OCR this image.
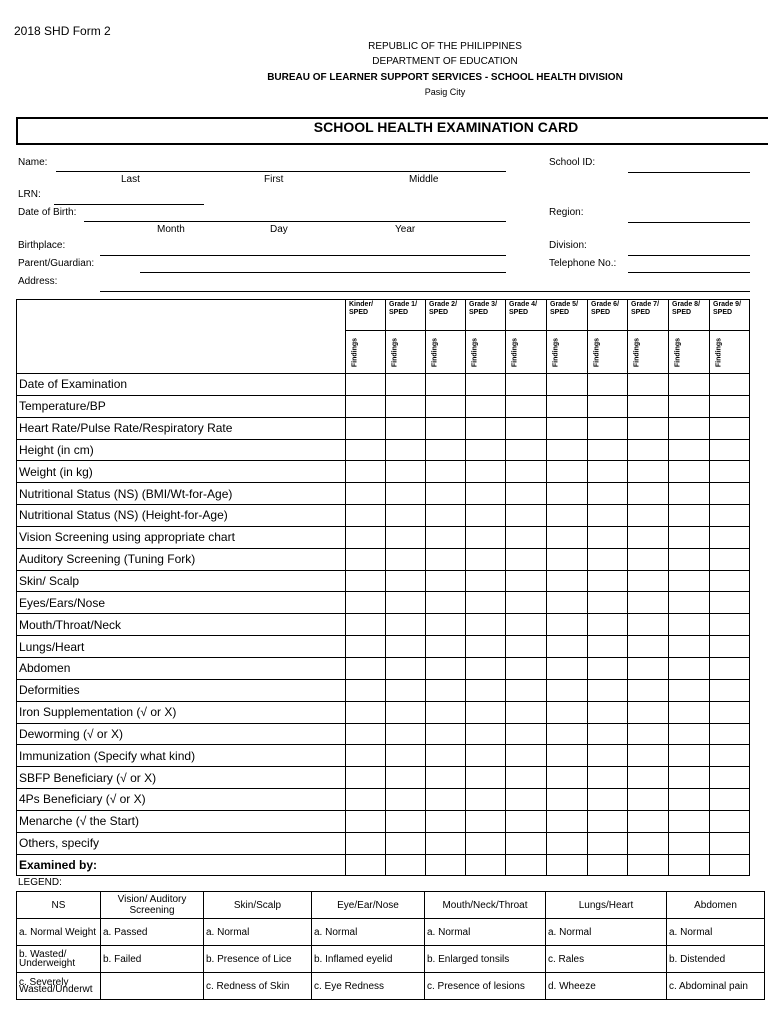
2018 SHD Form 2
REPUBLIC OF THE PHILIPPINES
DEPARTMENT OF EDUCATION
BUREAU OF LEARNER SUPPORT SERVICES - SCHOOL HEALTH DIVISION
Pasig City
SCHOOL HEALTH EXAMINATION CARD
Name:
Last	First	Middle
LRN:
Date of Birth:
Month	Day	Year
Birthplace:
Parent/Guardian:
Address:
School ID:
Region:
Division:
Telephone No.:
	Kinder/ SPED	Grade 1/ SPED	Grade 2/ SPED	Grade 3/ SPED	Grade 4/ SPED	Grade 5/ SPED	Grade 6/ SPED	Grade 7/ SPED	Grade 8/ SPED	Grade 9/ SPED

	Findings	Findings	Findings	Findings	Findings	Findings	Findings	Findings	Findings	Findings

Date of Examination										
Temperature/BP										
Heart Rate/Pulse Rate/Respiratory Rate										
Height (in cm)										
Weight (in kg)										
Nutritional Status (NS) (BMI/Wt-for-Age)										
Nutritional Status (NS) (Height-for-Age)										
Vision Screening using appropriate chart										
Auditory Screening (Tuning Fork)										
Skin/ Scalp										
Eyes/Ears/Nose										
Mouth/Throat/Neck										
Lungs/Heart										
Abdomen										
Deformities										
Iron Supplementation (√ or X)										
Deworming (√ or X)										
Immunization (Specify what kind)										
SBFP Beneficiary (√ or X)										
4Ps Beneficiary (√ or X)										
Menarche (√ the Start)										
Others, specify										
Examined by:										
LEGEND:
NS	Vision/ Auditory Screening	Skin/Scalp	Eye/Ear/Nose	Mouth/Neck/Throat	Lungs/Heart	Abdomen
a. Normal Weight	a. Passed	a. Normal	a. Normal	a. Normal	a. Normal	a. Normal
b. Wasted/ Underweight	b. Failed	b. Presence of Lice	b. Inflamed eyelid	b. Enlarged tonsils	c. Rales	b. Distended
c. Severely Wasted/Underwt		c. Redness of Skin	c. Eye Redness	c. Presence of lesions	d. Wheeze	c. Abdominal pain
